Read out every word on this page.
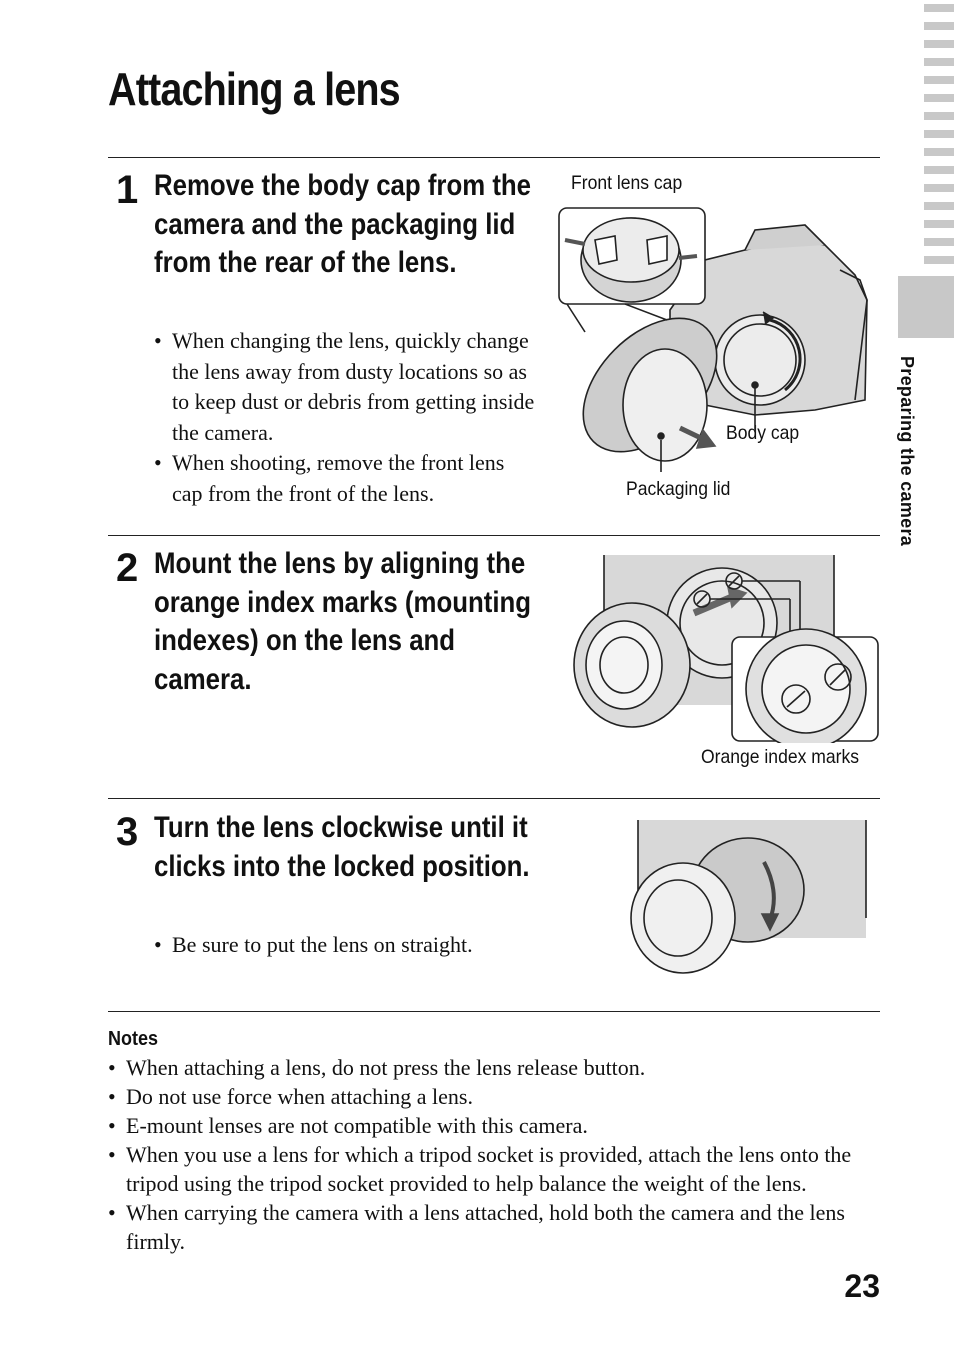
Attaching a lens
Preparing the camera
1 Remove the body cap from the camera and the packaging lid from the rear of the lens.
• When changing the lens, quickly change the lens away from dusty locations so as to keep dust or debris from getting inside the camera.
• When shooting, remove the front lens cap from the front of the lens.
Front lens cap
Body cap
Packaging lid
2 Mount the lens by aligning the orange index marks (mounting indexes) on the lens and camera.
Orange index marks
3 Turn the lens clockwise until it clicks into the locked position.
• Be sure to put the lens on straight.
Notes
• When attaching a lens, do not press the lens release button.
• Do not use force when attaching a lens.
• E-mount lenses are not compatible with this camera.
• When you use a lens for which a tripod socket is provided, attach the lens onto the tripod using the tripod socket provided to help balance the weight of the lens.
• When carrying the camera with a lens attached, hold both the camera and the lens firmly.
23
